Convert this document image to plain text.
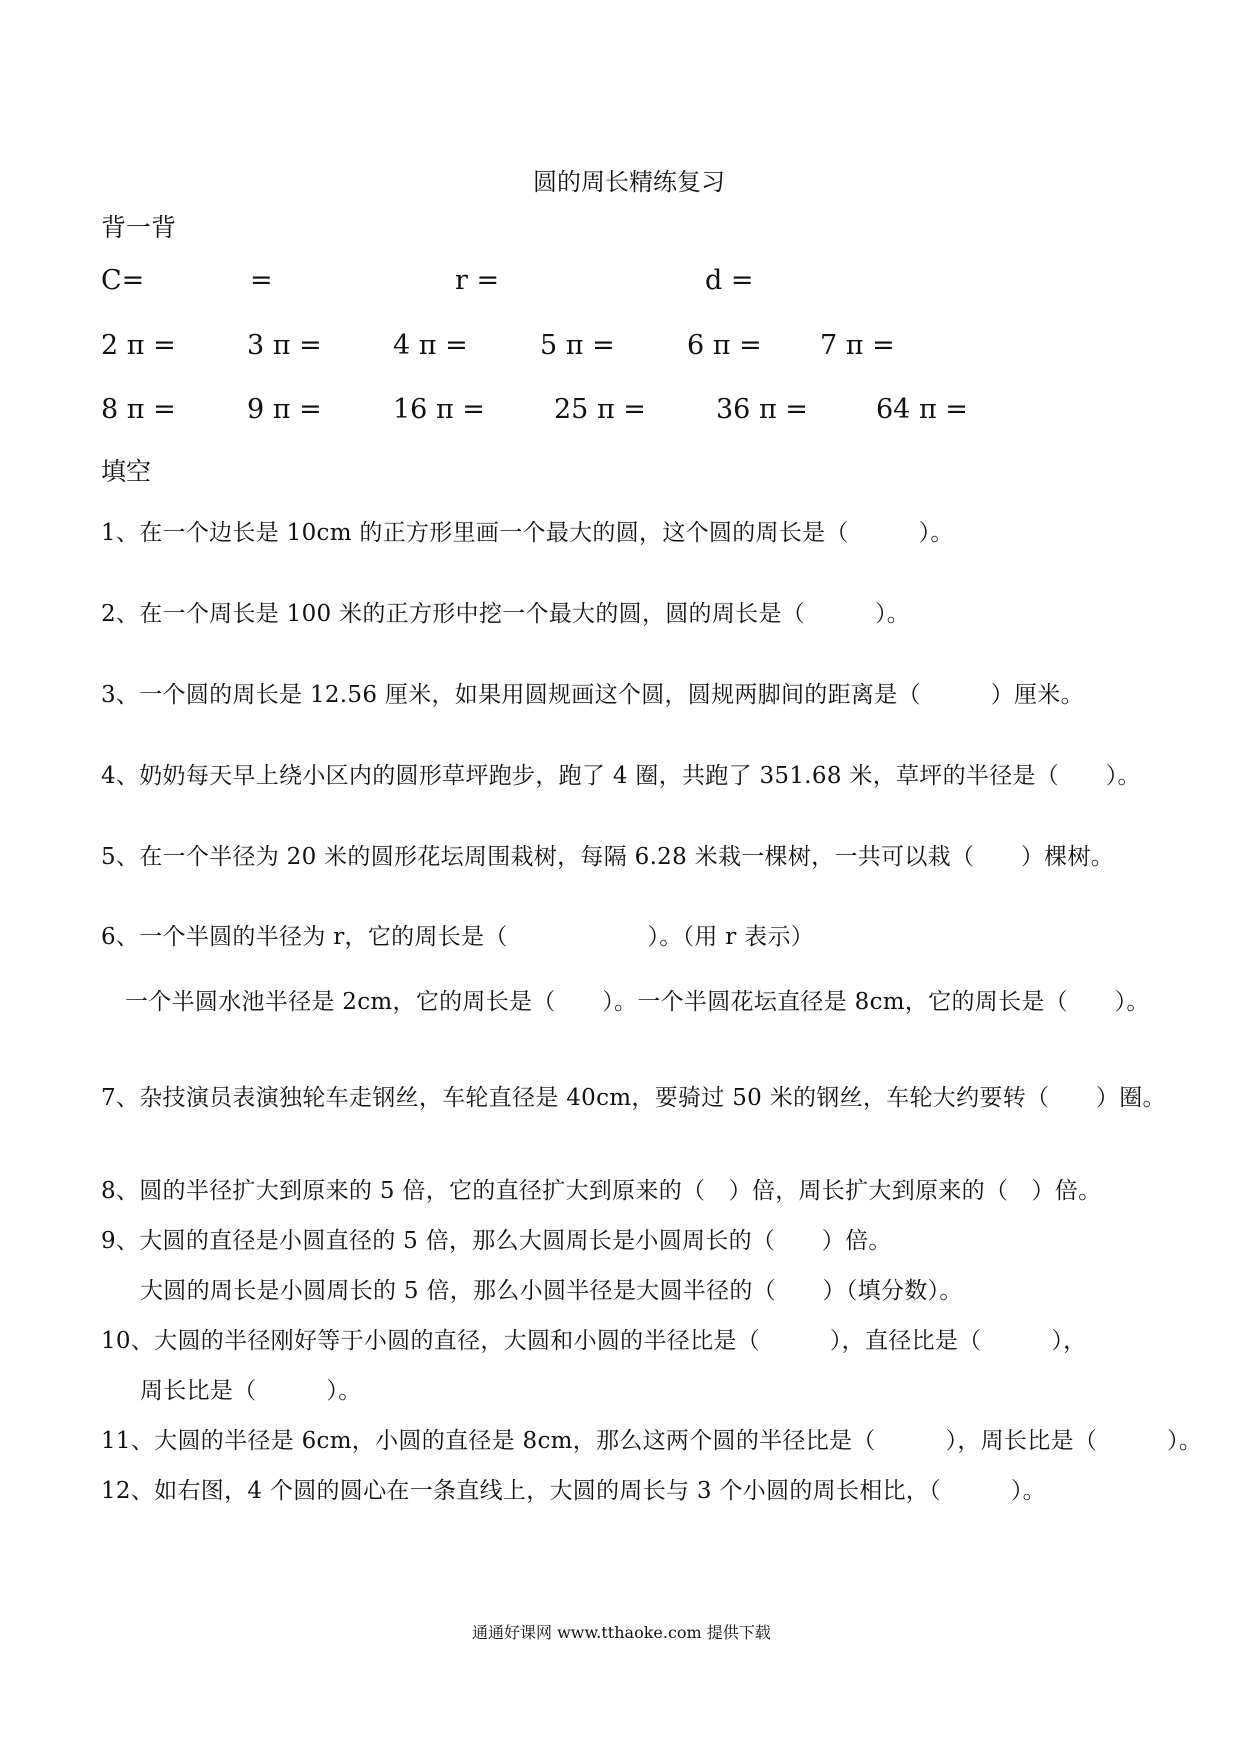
圆的周长精练复习
背一背
C=	=	r =	d =
2 π =	3 π =	4 π =	5 π =	6 π = 7 π =
8 π =	9 π =	16 π =	25 π =	36 π =	64 π =
填空
1、在一个边长是 10cm 的正方形里画一个最大的圆，这个圆的周长是（　　　）。
2、在一个周长是 100 米的正方形中挖一个最大的圆，圆的周长是（　　　）。
3、一个圆的周长是 12.56 厘米，如果用圆规画这个圆，圆规两脚间的距离是（　　　）厘米。
4、奶奶每天早上绕小区内的圆形草坪跑步，跑了 4 圈，共跑了 351.68 米，草坪的半径是（　　）。
5、在一个半径为 20 米的圆形花坛周围栽树，每隔 6.28 米栽一棵树，一共可以栽（　　）棵树。
6、一个半圆的半径为 r，它的周长是（　　　　　　）。（用 r 表示）
一个半圆水池半径是 2cm，它的周长是（　　）。一个半圆花坛直径是 8cm，它的周长是（　　）。
7、杂技演员表演独轮车走钢丝，车轮直径是 40cm，要骑过 50 米的钢丝，车轮大约要转（　　）圈。
8、圆的半径扩大到原来的 5 倍，它的直径扩大到原来的（　）倍，周长扩大到原来的（　）倍。
9、大圆的直径是小圆直径的 5 倍，那么大圆周长是小圆周长的（　　）倍。
大圆的周长是小圆周长的 5 倍，那么小圆半径是大圆半径的（　　）（填分数）。
10、大圆的半径刚好等于小圆的直径，大圆和小圆的半径比是（　　　），直径比是（　　　），
周长比是（　　　）。
11、大圆的半径是 6cm，小圆的直径是 8cm，那么这两个圆的半径比是（　　　），周长比是（　　　）。
12、如右图，4 个圆的圆心在一条直线上，大圆的周长与 3 个小圆的周长相比，（　　　）。
通通好课网 www.tthaoke.com 提供下载
